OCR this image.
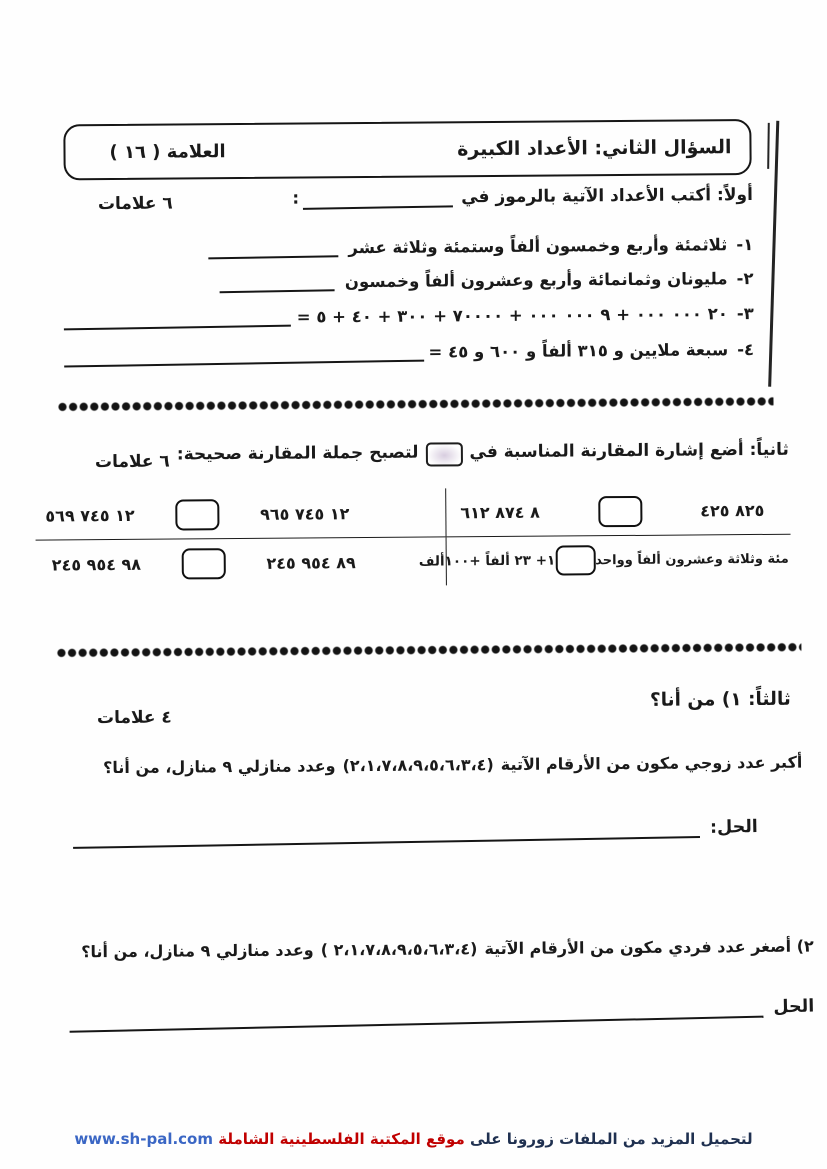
السؤال الثاني: الأعداد الكبيرة
العلامة ( ١٦ )
أولاً: أكتب الأعداد الآتية بالرموز في
:
٦ علامات
١-
ثلاثمئة وأربع وخمسون ألفاً وستمئة وثلاثة عشر
٢-
مليونان وثمانمائة وأربع وعشرون ألفاً وخمسون
٣-
= ٢٠ ٠٠٠ ٠٠٠ + ٩ ٠٠٠ ٠٠٠ + ٧٠٠٠٠ + ٣٠٠ + ٤٠ + ٥
٤-
سبعة ملايين و ٣١٥ ألفاً و ٦٠٠ و ٤٥ =
ثانياً: أضع إشارة المقارنة المناسبة في
لتصبح جملة المقارنة صحيحة:
٦ علامات
٨٢٥ ٤٢٥
٨ ٨٧٤ ٦١٢
١٢ ٧٤٥ ٩٦٥
١٢ ٧٤٥ ٥٦٩
مئة وثلاثة وعشرون ألفاً وواحد
١+ ٢٣ ألفاً +١٠٠ألف
٨٩ ٩٥٤ ٢٤٥
٩٨ ٩٥٤ ٢٤٥
ثالثاً: ١) من أنا؟
٤ علامات
أكبر عدد زوجي مكون من الأرقام الآتية
(٢،١،٧،٨،٩،٥،٦،٣،٤)
وعدد منازلي ٩ منازل، من أنا؟
الحل:
٢) أصغر عدد فردي مكون من الأرقام الآتية
( ٢،١،٧،٨،٩،٥،٦،٣،٤)
وعدد منازلي ٩ منازل، من أنا؟
الحل
لتحميل المزيد من الملفات زورونا على موقع المكتبة الفلسطينية الشاملة www.sh-pal.com
